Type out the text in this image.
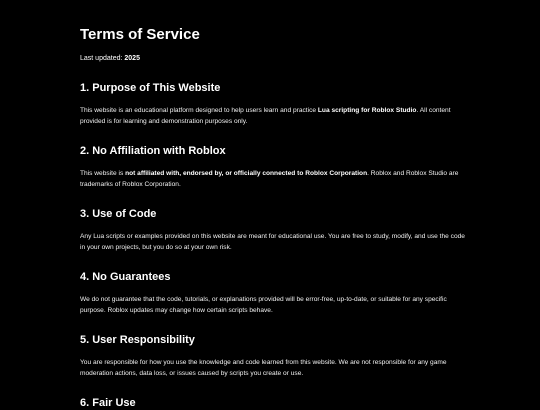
Terms of Service

Last updated: 2025

1. Purpose of This Website

This website is an educational platform designed to help users learn and practice Lua scripting for Roblox Studio. All content provided is for learning and demonstration purposes only.

2. No Affiliation with Roblox

This website is not affiliated with, endorsed by, or officially connected to Roblox Corporation. Roblox and Roblox Studio are trademarks of Roblox Corporation.

3. Use of Code

Any Lua scripts or examples provided on this website are meant for educational use. You are free to study, modify, and use the code in your own projects, but you do so at your own risk.

4. No Guarantees

We do not guarantee that the code, tutorials, or explanations provided will be error-free, up-to-date, or suitable for any specific purpose. Roblox updates may change how certain scripts behave.

5. User Responsibility

You are responsible for how you use the knowledge and code learned from this website. We are not responsible for any game moderation actions, data loss, or issues caused by scripts you create or use.

6. Fair Use
